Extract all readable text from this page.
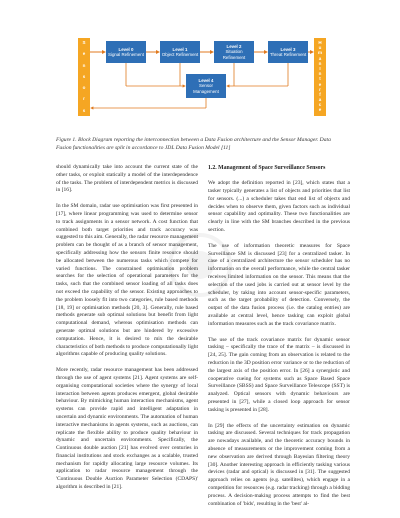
S
e
n
s
o
r
s
Level 0
Signal Refinement
Level 1
Object Refinement
Level 2
Situation Refinement
Level 3
Threat Refinement
Level 4
Sensor Management
H
u
m
a
n
I
n
t
e
r
f
a
c
e
Figure 1. Block Diagram reporting the interconnection between a Data Fusion architecture and the Sensor Manager. Data Fusion functionalities are split in accordance to JDL Data Fusion Model [11]

should dynamically take into account the current state of the other tasks, or exploit statically a model of the interdependence of the tasks. The problem of interdependent metrics is discussed in [16].

In the SM domain, radar use optimisation was first presented in [17], where linear programming was used to determine sensor to track assignments in a sensor network. A cost function that combined both target priorities and track accuracy was suggested to this aim. Generally, the radar resource management problem can be thought of as a branch of sensor management, specifically addressing how the sensors finite resource should be allocated between the numerous tasks which compete for varied functions. The constrained optimisation problem searches for the selection of operational parameters for the tasks, such that the combined sensor loading of all tasks does not exceed the capability of the sensor. Existing approaches to the problem loosely fit into two categories, rule based methods [18, 19] or optimisation methods [20, 3]. Generally, rule based methods generate sub optimal solutions but benefit from light computational demand, whereas optimisation methods can generate optimal solutions but are hindered by excessive computation. Hence, it is desired to mix the desirable characteristics of both methods to produce computationally light algorithms capable of producing quality solutions.

More recently, radar resource management has been addressed through the use of agent systems [21]. Agent systems are self-organising computational societies where the synergy of local interaction between agents produces emergent, global desirable behaviour. By mimicking human interaction mechanisms, agent systems can provide rapid and intelligent adaptation in uncertain and dynamic environments. The automation of human interactive mechanisms in agents systems, such as auctions, can replicate the flexible ability to produce quality behaviour in dynamic and uncertain environments. Specifically, the Continuous double auction [21] has evolved over centuries in financial institutions and stock exchanges as a scalable, trusted mechanism for rapidly allocating large resource volumes. Its application to radar resource management through the 'Continuous Double Auction Parameter Selection (CDAPS)' algorithm is described in [21].

1.2. Management of Space Surveillance Sensors

We adopt the definition reported in [23], which states that a tasker typically generates a list of objects and priorities that list for sensors. (...) a scheduler takes that end list of objects and decides when to observe them, given factors such as individual sensor capability and optimality. These two functionalities are clearly in line with the SM branches described in the previous section.

The use of information theoretic measures for Space Surveillance SM is discussed [23] for a centralized tasker. In case of a centralized architecture the sensor scheduler has no information on the overall performance, while the central tasker receives limited information on the sensor. This means that the selection of the used jobs is carried out at sensor level by the scheduler, by taking into account sensor-specific parameters, such as the target probability of detection. Conversely, the output of the data fusion process (i.e. the catalog entries) are available at central level, hence tasking can exploit global information measures such as the track covariance matrix.

The use of the track covariance matrix for dynamic sensor tasking – specifically the trace of the matrix – is discussed in [24, 25]. The gain coming from an observation is related to the reduction in the 3D position error variance or to the reduction of the largest axis of the position error. In [26] a synergistic and cooperative cueing for systems such as Space Based Space Surveillance (SBSS) and Space Surveillance Telescope (SST) is analyzed. Optical sensors with dynamic behaviours are presented in [27], while a closed loop approach for sensor tasking is presented in [28].

In [29] the effects of the uncertainty estimation on dynamic tasking are discussed. Several techniques for track propagation are nowadays available, and the theoretic accuracy bounds in absence of measurements or the improvement coming from a new observation are derived through Bayesian filtering theory [30]. Another interesting approach in efficiently tasking various devices (radar and optical) is discussed in [31]. The suggested approach relies on agents (e.g. satellites), which engage in a competition for resources (e.g. radar tracking) through a bidding process. A decision-making process attempts to find the best combination of 'bids', resulting in the 'best' al-
